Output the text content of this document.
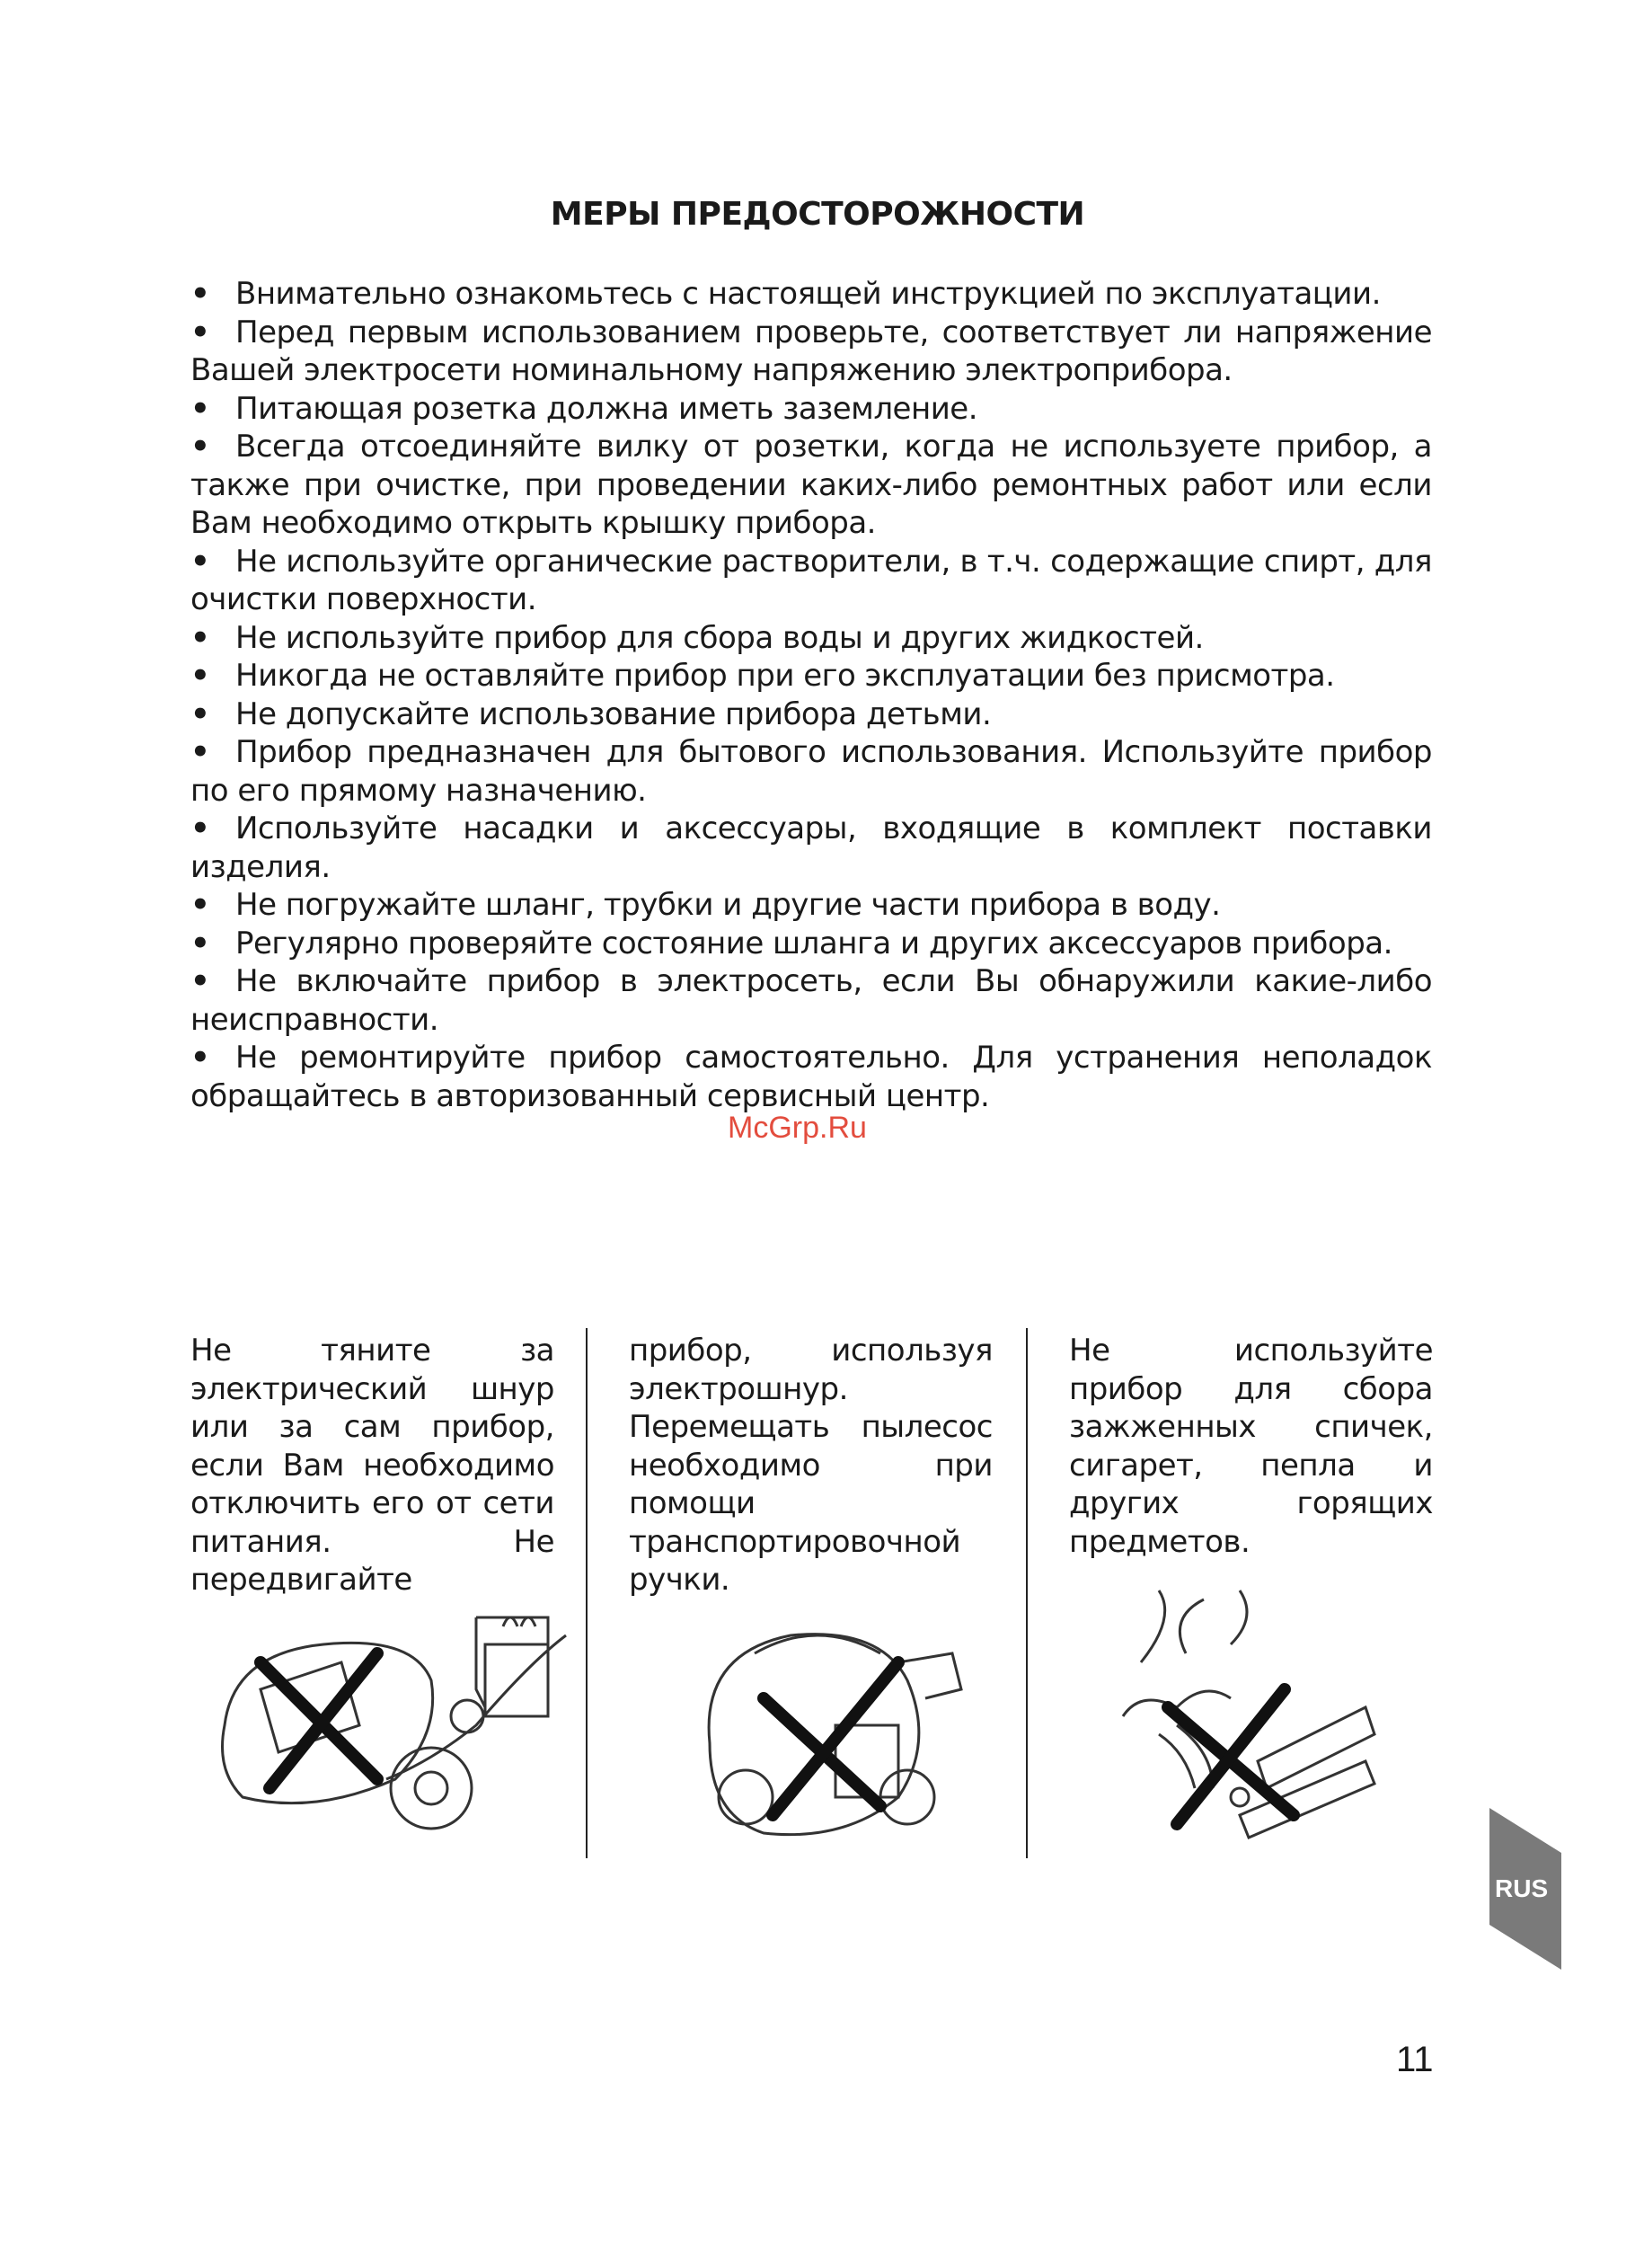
МЕРЫ ПРЕДОСТОРОЖНОСТИ

• Внимательно ознакомьтесь с настоящей инструкцией по эксплуатации.

• Перед первым использованием проверьте, соответствует ли напряжение Вашей электросети номинальному напряжению электроприбора.

• Питающая розетка должна иметь заземление.

• Всегда отсоединяйте вилку от розетки, когда не используете прибор, а также при очистке, при проведении каких-либо ремонтных работ или если Вам необходимо открыть крышку прибора.

• Не используйте органические растворители, в т.ч. содержащие спирт, для очистки поверхности.

• Не используйте прибор для сбора воды и других жидкостей.

• Никогда не оставляйте прибор при его эксплуатации без присмотра.

• Не допускайте использование прибора детьми.

• Прибор предназначен для бытового использования. Используйте прибор по его прямому назначению.

• Используйте насадки и аксессуары, входящие в комплект поставки изделия.

• Не погружайте шланг, трубки и другие части прибора в воду.

• Регулярно проверяйте состояние шланга и других аксессуаров прибора.

• Не включайте прибор в электросеть, если Вы обнаружили какие-либо неисправности.

• Не ремонтируйте прибор самостоятельно. Для устранения неполадок обращайтесь в авторизованный сервисный центр.

McGrp.Ru

Не тяните за электрический шнур или за сам прибор, если Вам необходимо отключить его от сети питания. Не передвигайте

прибор, используя электрошнур. Перемещать пылесос необходимо при помощи транспортировочной ручки.

Не используйте прибор для сбора зажженных спичек, сигарет, пепла и других горящих предметов.

RUS
11
